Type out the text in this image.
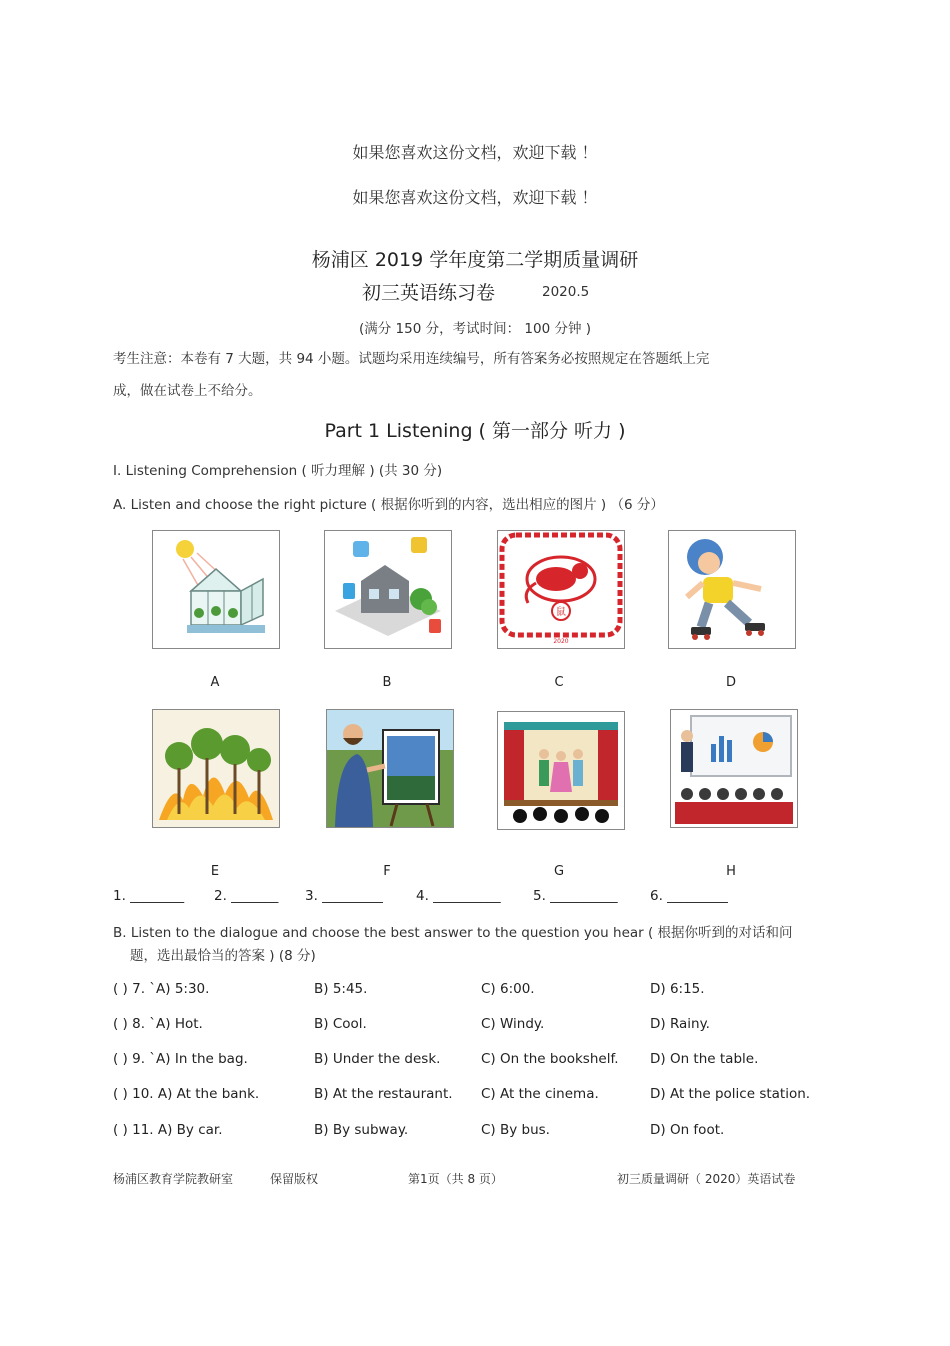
如果您喜欢这份文档，欢迎下载 ！
如果您喜欢这份文档，欢迎下载 ！
杨浦区 2019 学年度第二学期质量调研
初三英语练习卷	2020.5
(满分 150 分，考试时间： 100 分钟 )
考生注意：本卷有 7 大题，共 94 小题。试题均采用连续编号，所有答案务必按照规定在答题纸上完
成，做在试卷上不给分。
Part 1 Listening ( 第一部分 听力 )
I. Listening Comprehension ( 听力理解 ) (共 30 分)
A. Listen and choose the right picture ( 根据你听到的内容，选出相应的图片 ) （6 分）
鼠
2020
A	B	C	D
E	F	G	H
1. ________ 2. _______ 3. _________ 4. __________ 5. __________ 6. _________
B. Listen to the dialogue and choose the best answer to the question you hear ( 根据你听到的对话和问
题，选出最恰当的答案 ) (8 分)
( ) 7. `A) 5:30.	B) 5:45.	C) 6:00.	D) 6:15.
( ) 8. `A) Hot.	B) Cool.	C) Windy.	D) Rainy.
( ) 9. `A) In the bag.	B) Under the desk.	C) On the bookshelf. D) On the table.
( ) 10. A) At the bank.	B) At the restaurant. C) At the cinema.	D) At the police station.
( ) 11. A) By car.	B) By subway.	C) By bus.	D) On foot.
杨浦区教育学院教研室	保留版权	第1页（共 8 页）	初三质量调研（ 2020）英语试卷
